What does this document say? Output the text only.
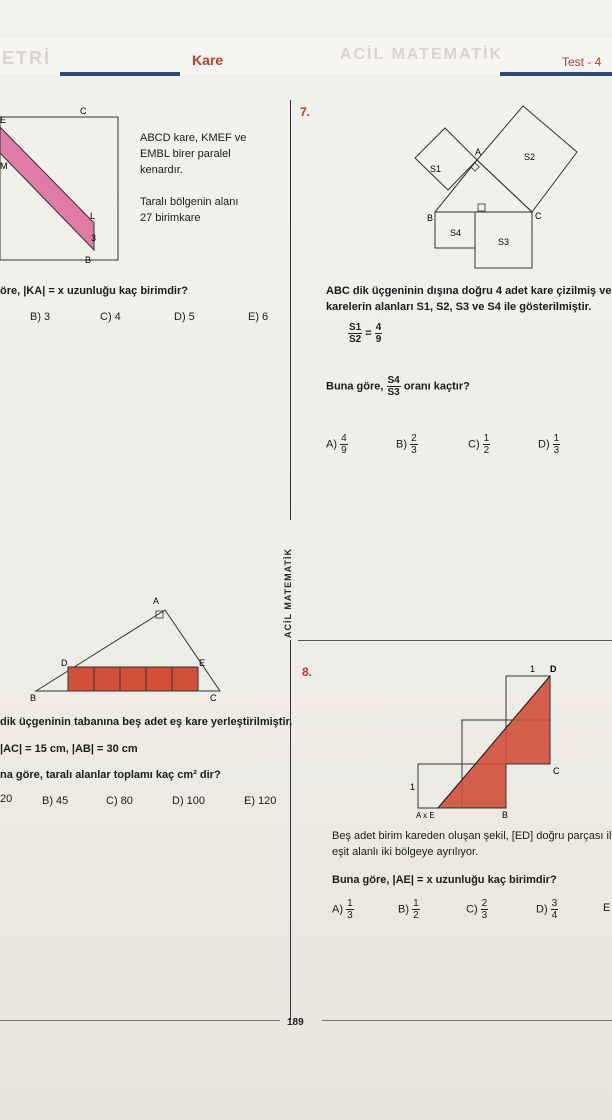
ETRİ	ACİL MATEMATİK
Kare	Test - 4
ACİL MATEMATİK
E
C
M
L
3
B
ABCD kare, KMEF ve
EMBL birer paralel
kenardır.
Taralı bölgenin alanı
27 birimkare
öre, |KA| = x uzunluğu kaç birimdir?
B) 3	C) 4	D) 5	E) 6
A
D	E
B	C
dik üçgeninin tabanına beş adet eş kare yerleştirilmiştir.
|AC| = 15 cm, |AB| = 30 cm
na göre, taralı alanlar toplamı kaç cm² dir?
20	B) 45	C) 80	D) 100	E) 120
7.
A
B	C
S1
S2
S3
S4
ABC dik üçgeninin dışına doğru 4 adet kare çizilmiş ve
karelerin alanları S1, S2, S3 ve S4 ile gösterilmiştir.
$\frac{S1}{S2} = \frac{4}{9}$
Buna göre, $\frac{S4}{S3}$ oranı kaçtır?
$A) \frac{4}{9}$	$B) \frac{2}{3}$	$C) \frac{1}{2}$	$D) \frac{1}{3}$
8.	1 D
C
1
A x E	B
Beş adet birim kareden oluşan şekil, [ED] doğru parçası il
eşit alanlı iki bölgeye ayrılıyor.
Buna göre, |AE| = x uzunluğu kaç birimdir?
$A) \frac{1}{3}$	$B) \frac{1}{2}$	$C) \frac{2}{3}$	$D) \frac{3}{4}$	E
189
